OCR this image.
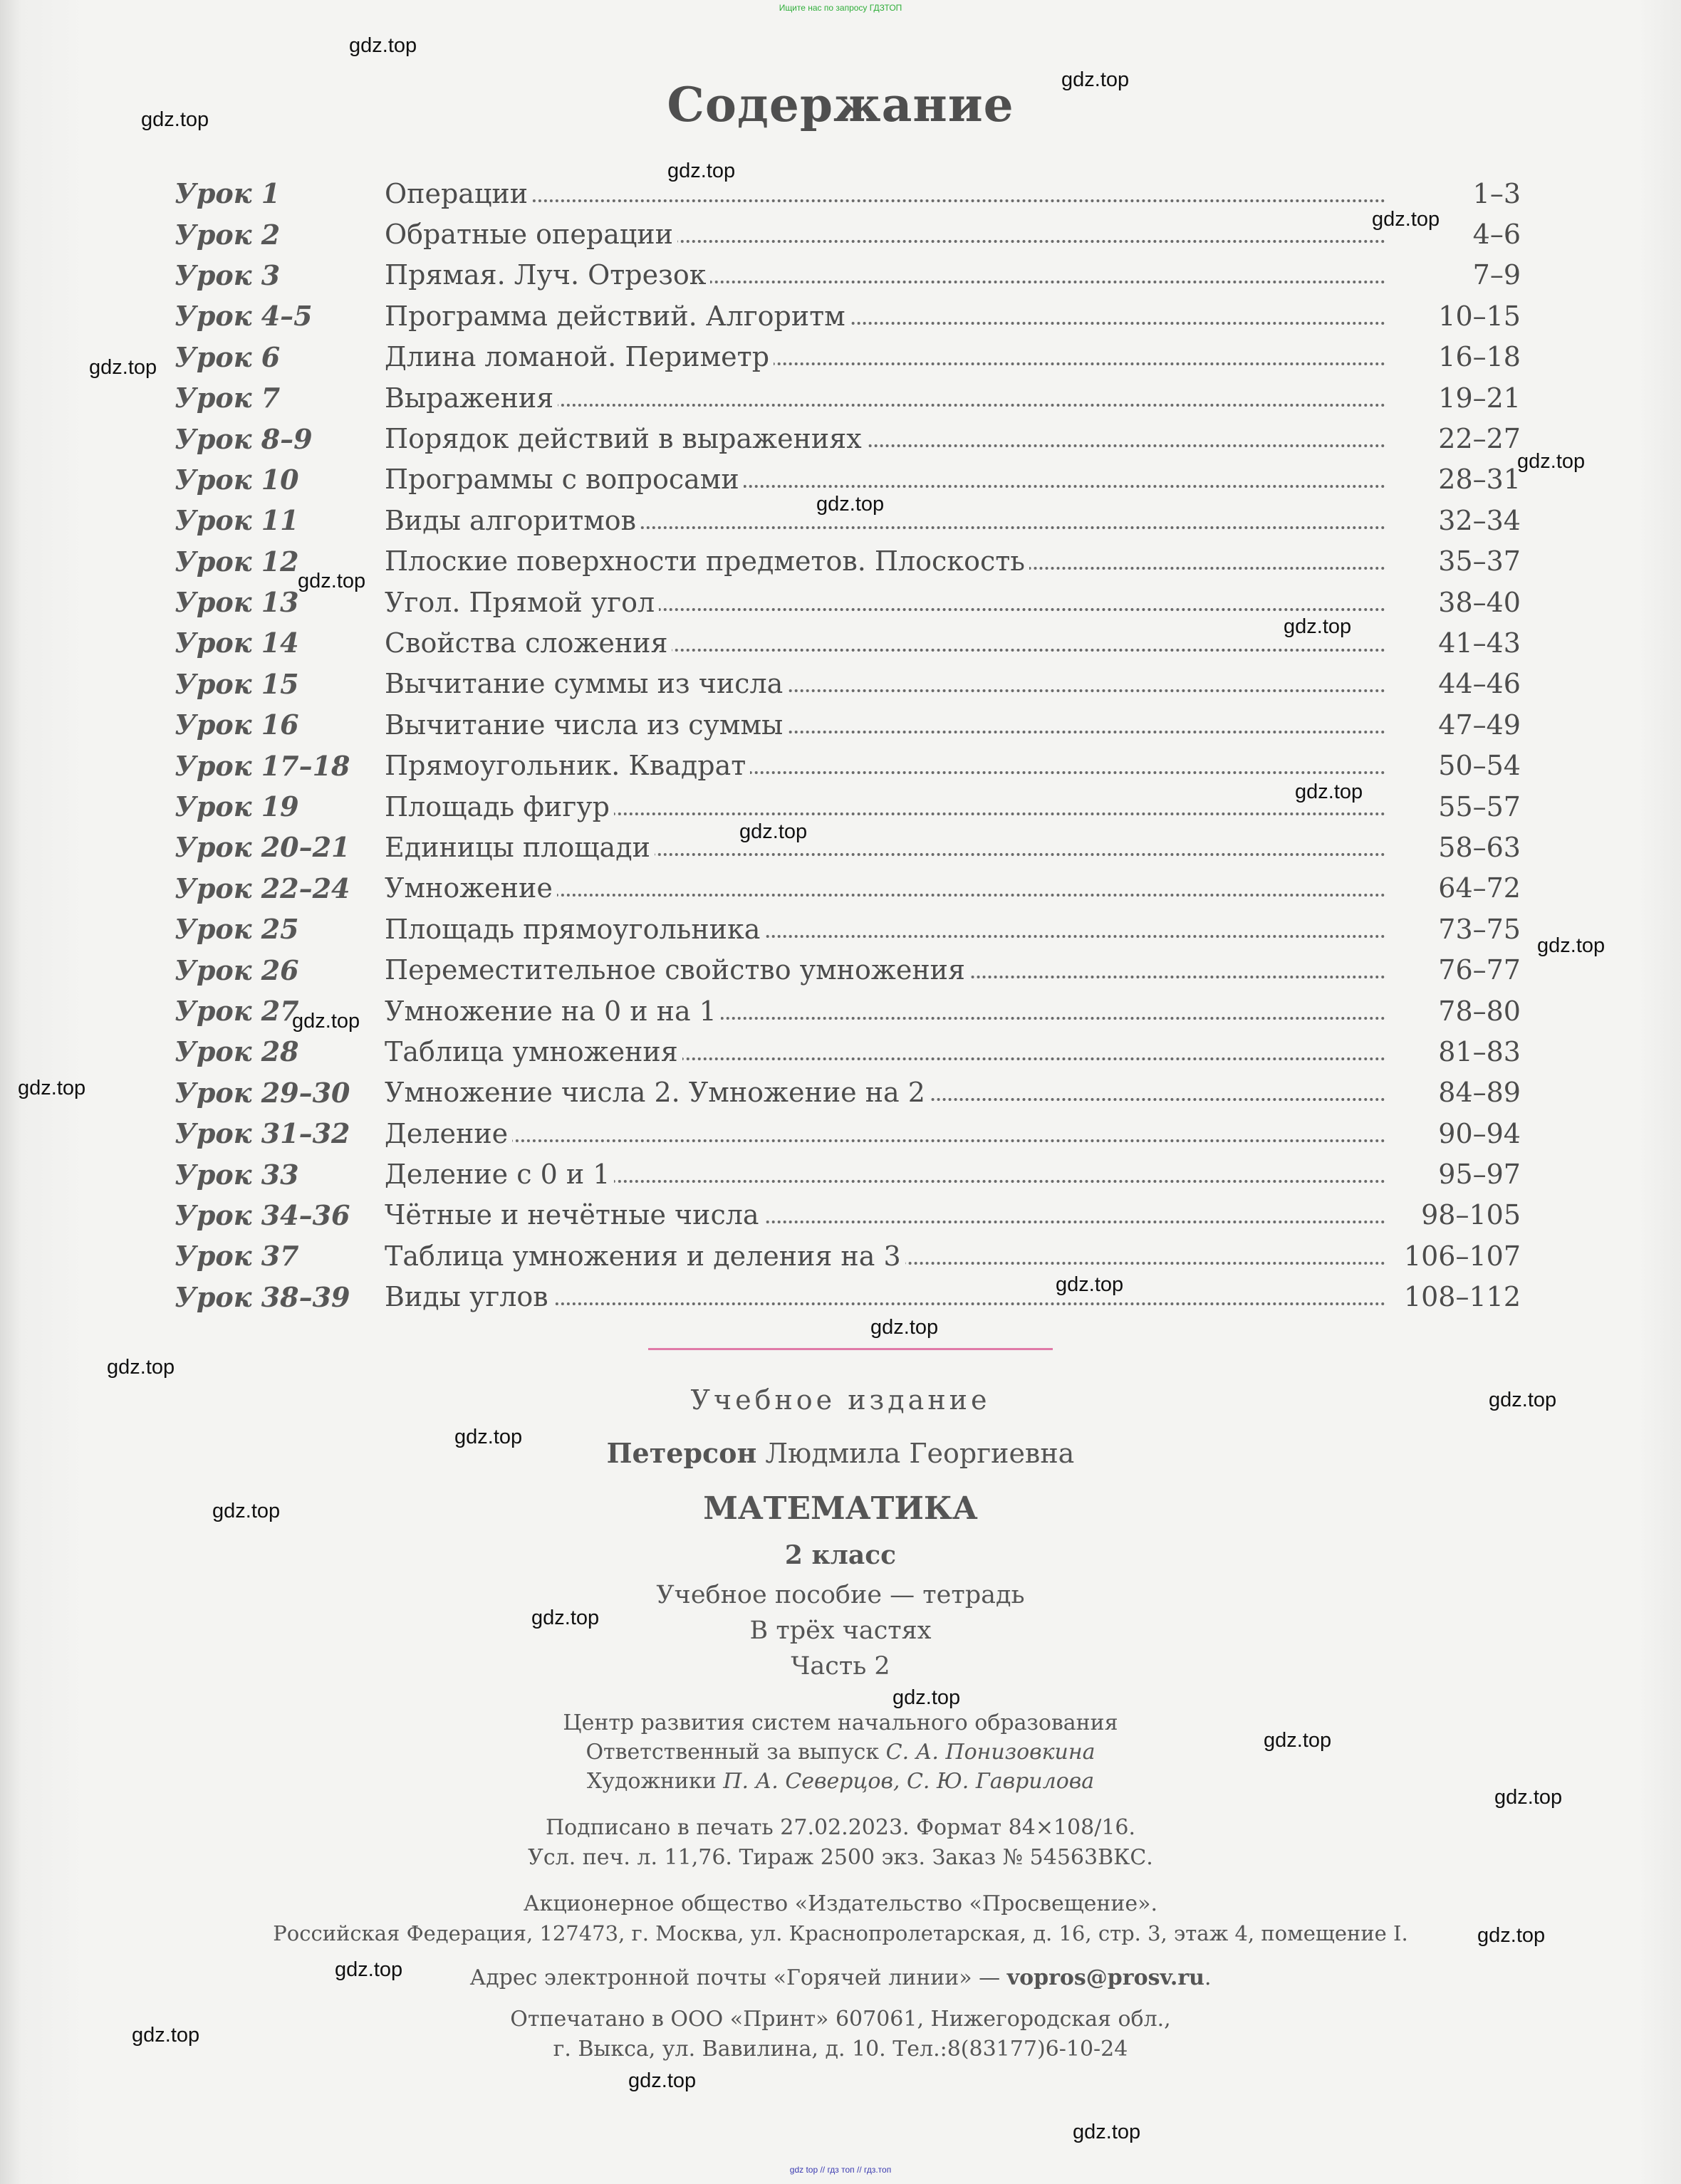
Ищите нас по запросу ГДЗТОП
Содержание
Урок 1	Операции	1–3
Урок 2	Обратные операции	4–6
Урок 3	Прямая. Луч. Отрезок	7–9
Урок 4–5	Программа действий. Алгоритм	10–15
Урок 6	Длина ломаной. Периметр	16–18
Урок 7	Выражения	19–21
Урок 8–9	Порядок действий в выражениях	22–27
Урок 10	Программы с вопросами	28–31
Урок 11	Виды алгоритмов	32–34
Урок 12	Плоские поверхности предметов. Плоскость	35–37
Урок 13	Угол. Прямой угол	38–40
Урок 14	Свойства сложения	41–43
Урок 15	Вычитание суммы из числа	44–46
Урок 16	Вычитание числа из суммы	47–49
Урок 17–18	Прямоугольник. Квадрат	50–54
Урок 19	Площадь фигур	55–57
Урок 20–21	Единицы площади	58–63
Урок 22–24	Умножение	64–72
Урок 25	Площадь прямоугольника	73–75
Урок 26	Переместительное свойство умножения	76–77
Урок 27	Умножение на 0 и на 1	78–80
Урок 28	Таблица умножения	81–83
Урок 29–30	Умножение числа 2. Умножение на 2	84–89
Урок 31–32	Деление	90–94
Урок 33	Деление с 0 и 1	95–97
Урок 34–36	Чётные и нечётные числа	98–105
Урок 37	Таблица умножения и деления на 3	106–107
Урок 38–39	Виды углов	108–112
Учебное издание
Петерсон Людмила Георгиевна
МАТЕМАТИКА
2 класс
Учебное пособие — тетрадь
В трёх частях
Часть 2
Центр развития систем начального образования
Ответственный за выпуск С. А. Понизовкина
Художники П. А. Северцов, С. Ю. Гаврилова
Подписано в печать 27.02.2023. Формат 84×108/16.
Усл. печ. л. 11,76. Тираж 2500 экз. Заказ № 54563ВКС.
Акционерное общество «Издательство «Просвещение».
Российская Федерация, 127473, г. Москва, ул. Краснопролетарская, д. 16, стр. 3, этаж 4, помещение I.
Адрес электронной почты «Горячей линии» — vopros@prosv.ru.
Отпечатано в ООО «Принт» 607061, Нижегородская обл.,
г. Выкса, ул. Вавилина, д. 10. Тел.:8(83177)6-10-24
gdz.top
gdz.top
gdz.top
gdz.top
gdz.top
gdz.top
gdz.top
gdz.top
gdz.top
gdz.top
gdz.top
gdz.top
gdz.top
gdz.top
gdz.top
gdz.top
gdz.top
gdz.top
gdz.top
gdz.top
gdz.top
gdz.top
gdz.top
gdz.top
gdz.top
gdz.top
gdz.top
gdz.top
gdz.top
gdz.top
gdz top // гдз топ // гдз.топ
